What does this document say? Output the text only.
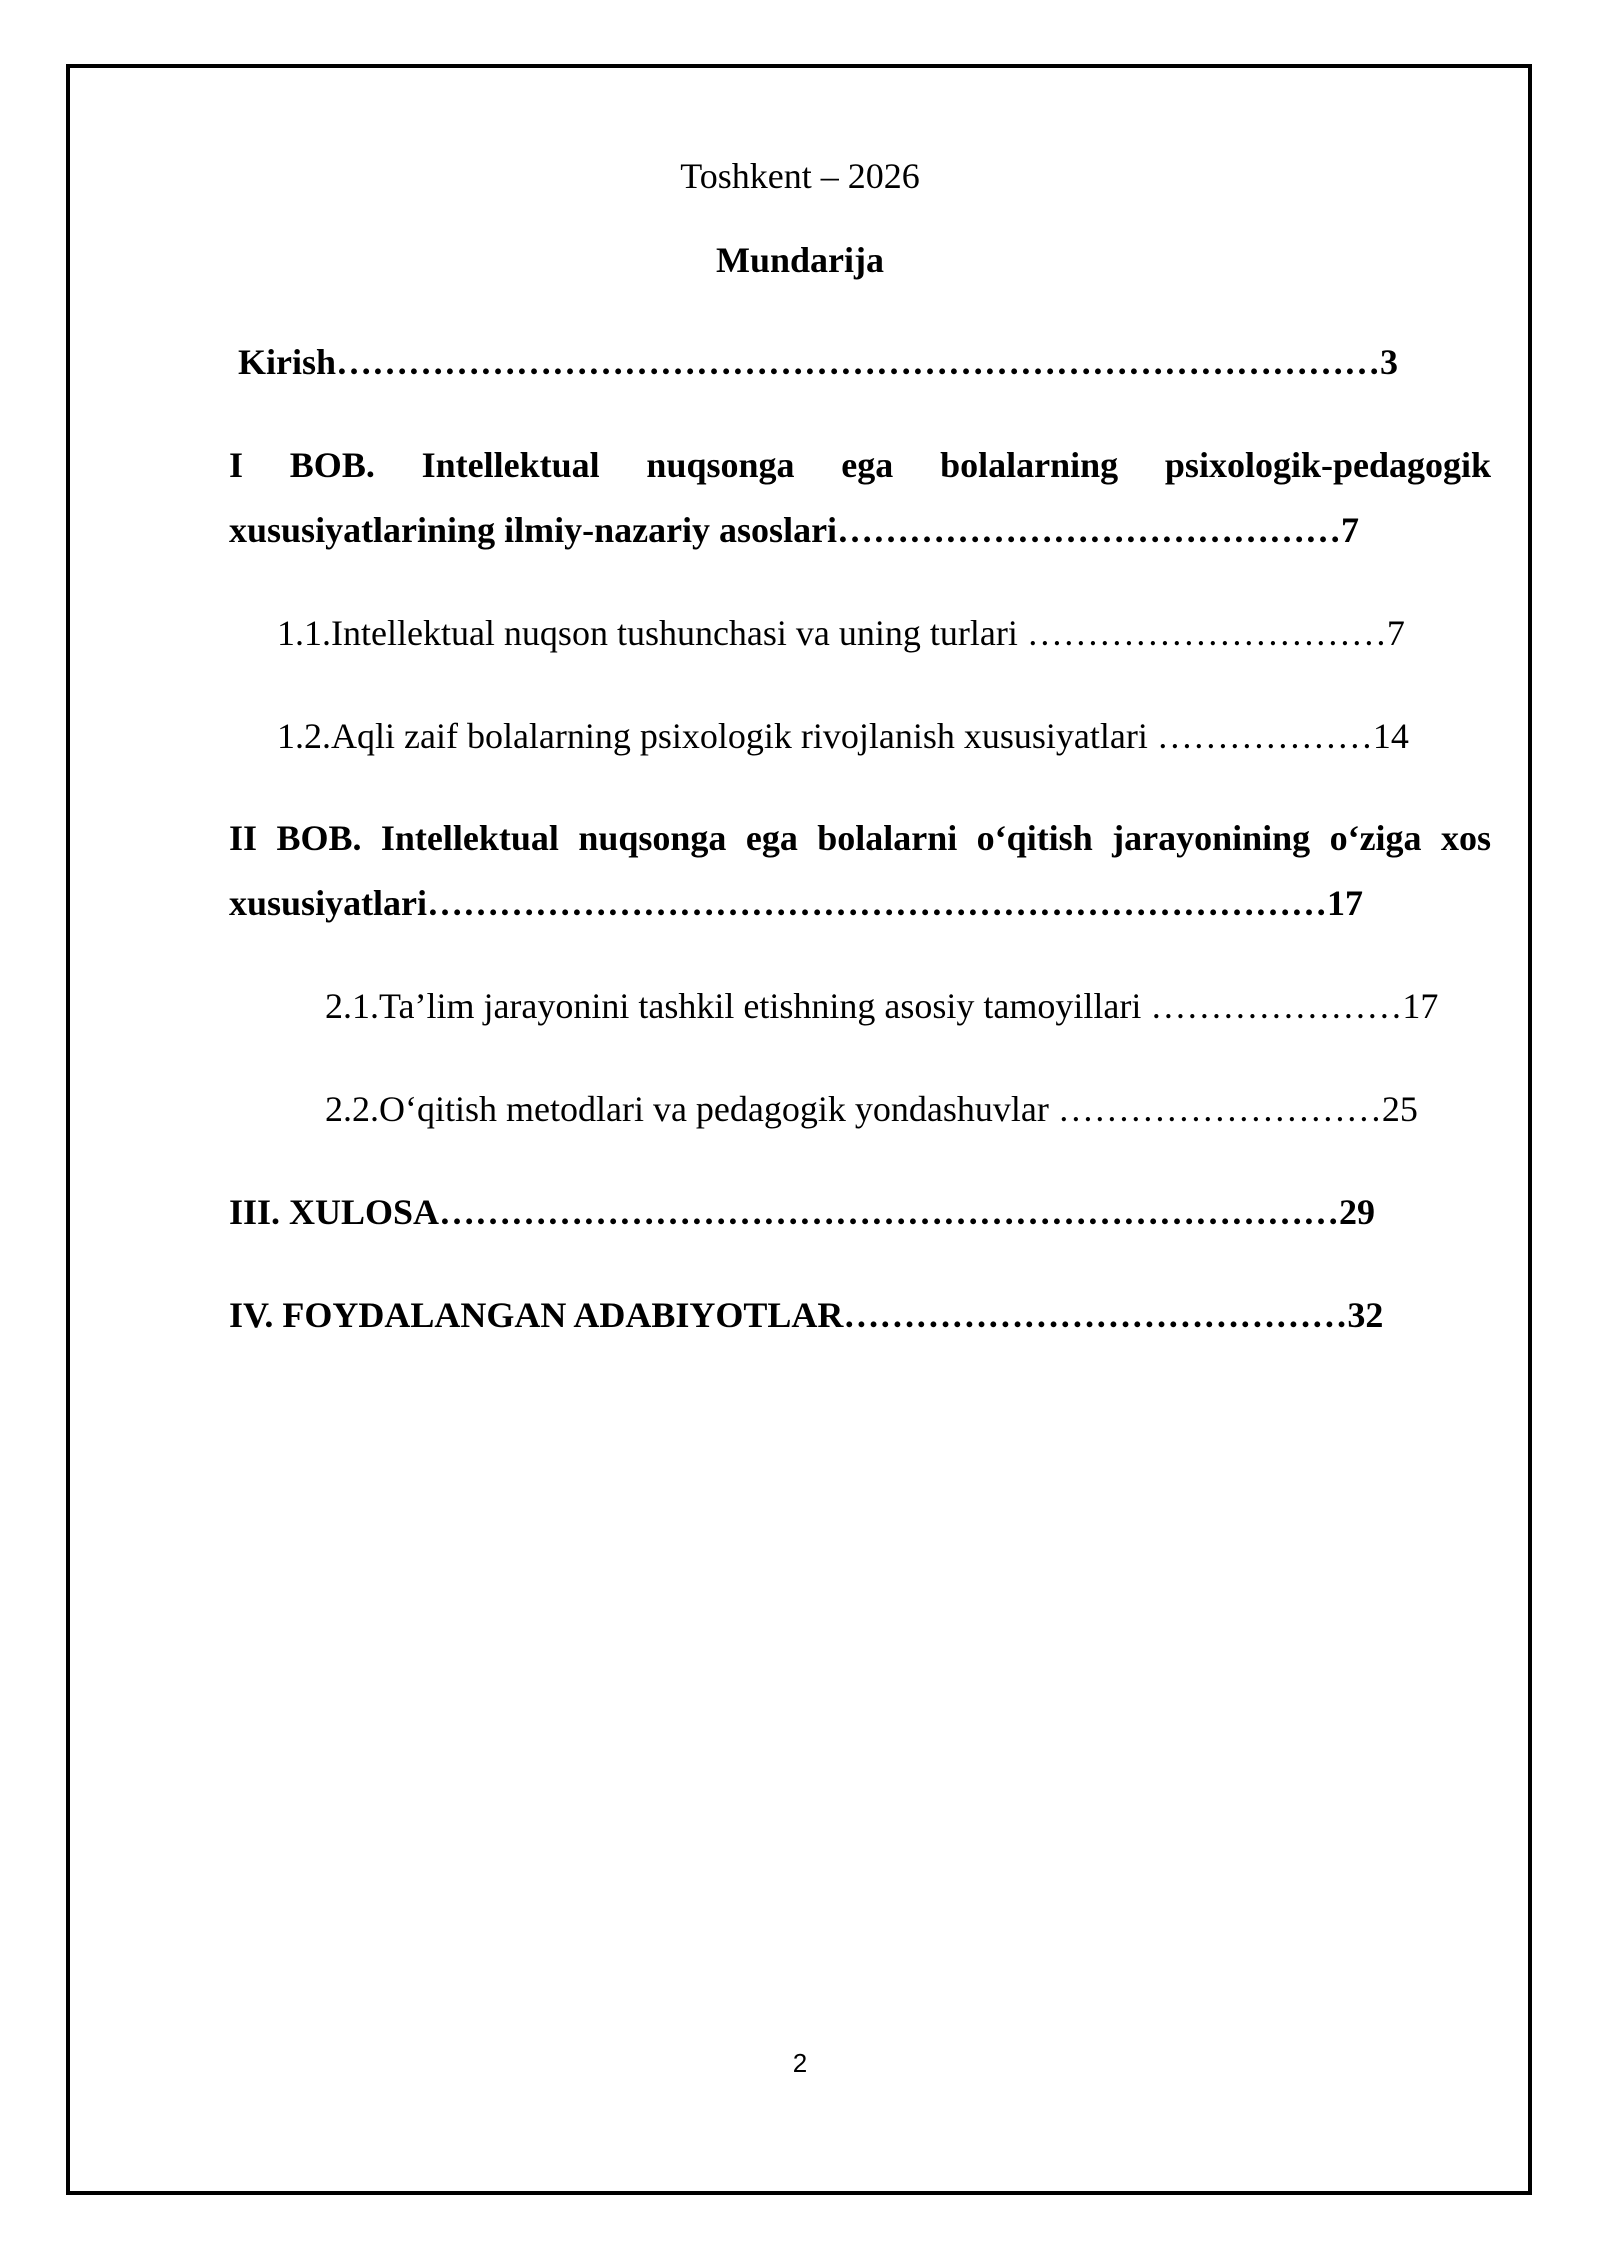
Toshkent – 2026
Mundarija
Kirish……………………………………………………………………………3
I BOB. Intellektual nuqsonga ega bolalarning psixologik-pedagogik
xususiyatlarining ilmiy-nazariy asoslari……………………………………7
1.1.Intellektual nuqson tushunchasi va uning turlari …………………………7
1.2.Aqli zaif bolalarning psixologik rivojlanish xususiyatlari ………………14
II BOB. Intellektual nuqsonga ega bolalarni o‘qitish jarayonining o‘ziga xos
xususiyatlari…………………………………………………………………17
2.1.Ta’lim jarayonini tashkil etishning asosiy tamoyillari …………………17
2.2.O‘qitish metodlari va pedagogik yondashuvlar ………………………25
III. XULOSA…………………………………………………………………29
IV. FOYDALANGAN ADABIYOTLAR……………………………………32
2
